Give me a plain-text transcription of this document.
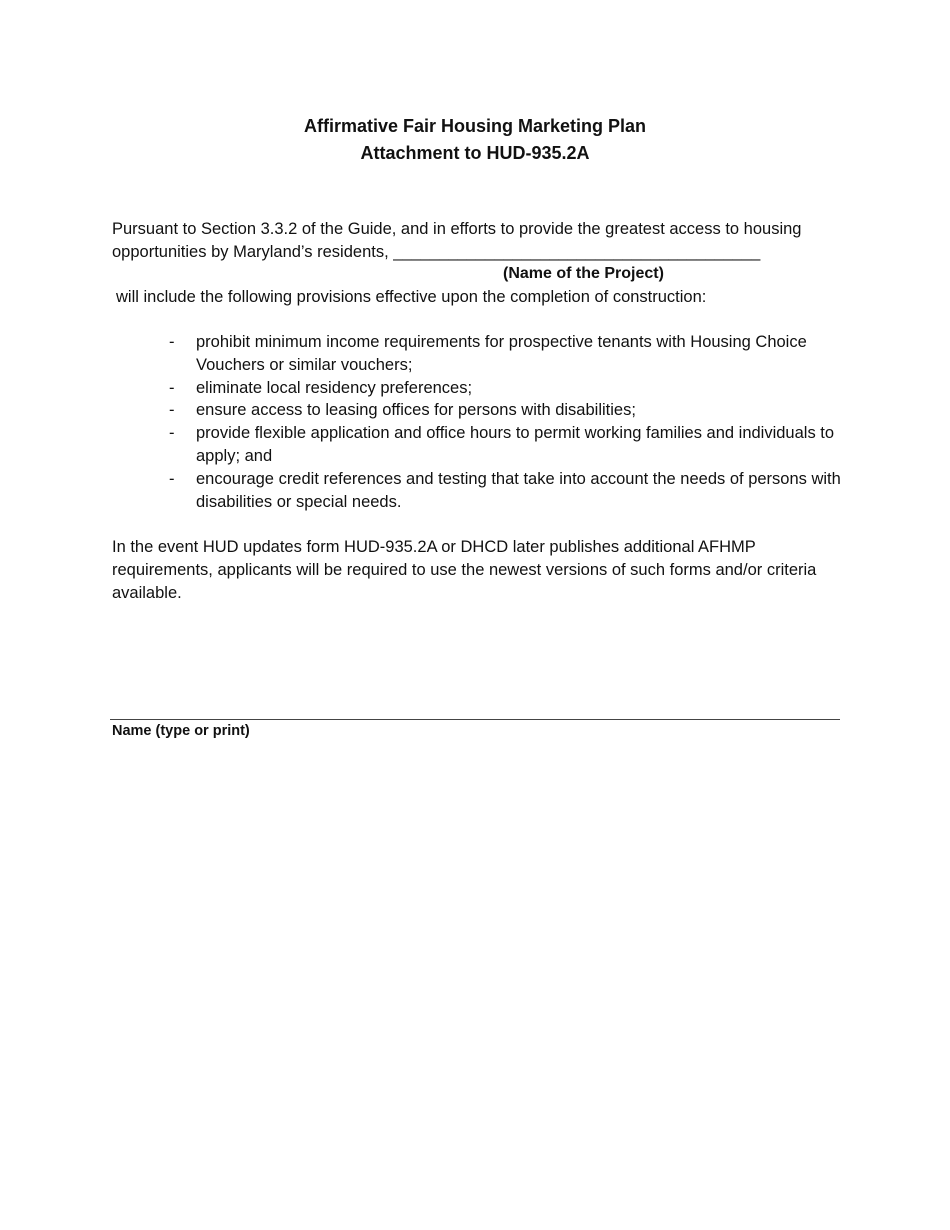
Affirmative Fair Housing Marketing Plan

Attachment to HUD-935.2A

Pursuant to Section 3.3.2 of the Guide, and in efforts to provide the greatest access to housing opportunities by Maryland’s residents, ________________________________________

(Name of the Project)

will include the following provisions effective upon the completion of construction:

- prohibit minimum income requirements for prospective tenants with Housing Choice Vouchers or similar vouchers;
- eliminate local residency preferences;
- ensure access to leasing offices for persons with disabilities;
- provide flexible application and office hours to permit working families and individuals to apply; and
- encourage credit references and testing that take into account the needs of persons with disabilities or special needs.

In the event HUD updates form HUD-935.2A or DHCD later publishes additional AFHMP requirements, applicants will be required to use the newest versions of such forms and/or criteria available.

Name (type or print)
